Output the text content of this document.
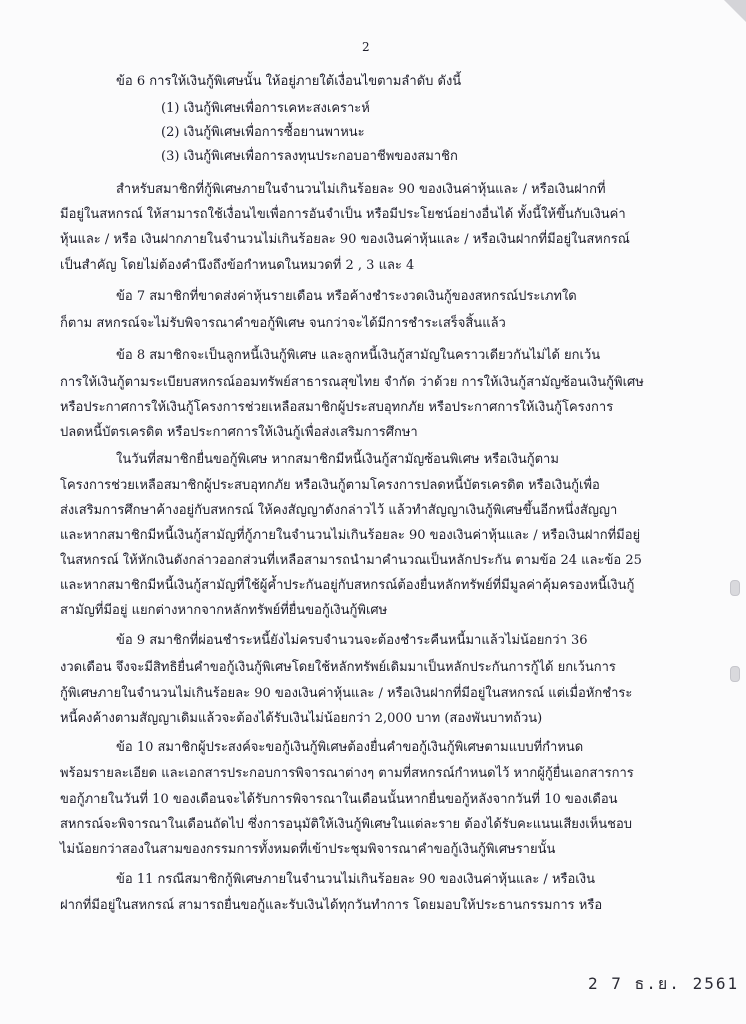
2
ข้อ 6 การให้เงินกู้พิเศษนั้น ให้อยู่ภายใต้เงื่อนไขตามลำดับ ดังนี้
(1) เงินกู้พิเศษเพื่อการเคหะสงเคราะห์
(2) เงินกู้พิเศษเพื่อการซื้อยานพาหนะ
(3) เงินกู้พิเศษเพื่อการลงทุนประกอบอาชีพของสมาชิก
สำหรับสมาชิกที่กู้พิเศษภายในจำนวนไม่เกินร้อยละ 90 ของเงินค่าหุ้นและ / หรือเงินฝากที่
มีอยู่ในสหกรณ์ ให้สามารถใช้เงื่อนไขเพื่อการอันจำเป็น หรือมีประโยชน์อย่างอื่นได้ ทั้งนี้ให้ขึ้นกับเงินค่า
หุ้นและ / หรือ เงินฝากภายในจำนวนไม่เกินร้อยละ 90 ของเงินค่าหุ้นและ / หรือเงินฝากที่มีอยู่ในสหกรณ์
เป็นสำคัญ โดยไม่ต้องคำนึงถึงข้อกำหนดในหมวดที่ 2 , 3 และ 4
ข้อ 7 สมาชิกที่ขาดส่งค่าหุ้นรายเดือน หรือค้างชำระงวดเงินกู้ของสหกรณ์ประเภทใด
ก็ตาม สหกรณ์จะไม่รับพิจารณาคำขอกู้พิเศษ จนกว่าจะได้มีการชำระเสร็จสิ้นแล้ว
ข้อ 8 สมาชิกจะเป็นลูกหนี้เงินกู้พิเศษ และลูกหนี้เงินกู้สามัญในคราวเดียวกันไม่ได้ ยกเว้น
การให้เงินกู้ตามระเบียบสหกรณ์ออมทรัพย์สาธารณสุขไทย จำกัด ว่าด้วย การให้เงินกู้สามัญซ้อนเงินกู้พิเศษ
หรือประกาศการให้เงินกู้โครงการช่วยเหลือสมาชิกผู้ประสบอุทกภัย หรือประกาศการให้เงินกู้โครงการ
ปลดหนี้บัตรเครดิต หรือประกาศการให้เงินกู้เพื่อส่งเสริมการศึกษา
ในวันที่สมาชิกยื่นขอกู้พิเศษ หากสมาชิกมีหนี้เงินกู้สามัญซ้อนพิเศษ หรือเงินกู้ตาม
โครงการช่วยเหลือสมาชิกผู้ประสบอุทกภัย หรือเงินกู้ตามโครงการปลดหนี้บัตรเครดิต หรือเงินกู้เพื่อ
ส่งเสริมการศึกษาค้างอยู่กับสหกรณ์ ให้คงสัญญาดังกล่าวไว้ แล้วทำสัญญาเงินกู้พิเศษขึ้นอีกหนึ่งสัญญา
และหากสมาชิกมีหนี้เงินกู้สามัญที่กู้ภายในจำนวนไม่เกินร้อยละ 90 ของเงินค่าหุ้นและ / หรือเงินฝากที่มีอยู่
ในสหกรณ์ ให้หักเงินดังกล่าวออกส่วนที่เหลือสามารถนำมาคำนวณเป็นหลักประกัน ตามข้อ 24 และข้อ 25
และหากสมาชิกมีหนี้เงินกู้สามัญที่ใช้ผู้ค้ำประกันอยู่กับสหกรณ์ต้องยื่นหลักทรัพย์ที่มีมูลค่าคุ้มครองหนี้เงินกู้
สามัญที่มีอยู่ แยกต่างหากจากหลักทรัพย์ที่ยื่นขอกู้เงินกู้พิเศษ
ข้อ 9 สมาชิกที่ผ่อนชำระหนี้ยังไม่ครบจำนวนจะต้องชำระคืนหนี้มาแล้วไม่น้อยกว่า 36
งวดเดือน จึงจะมีสิทธิยื่นคำขอกู้เงินกู้พิเศษโดยใช้หลักทรัพย์เดิมมาเป็นหลักประกันการกู้ได้ ยกเว้นการ
กู้พิเศษภายในจำนวนไม่เกินร้อยละ 90 ของเงินค่าหุ้นและ / หรือเงินฝากที่มีอยู่ในสหกรณ์ แต่เมื่อหักชำระ
หนี้คงค้างตามสัญญาเดิมแล้วจะต้องได้รับเงินไม่น้อยกว่า 2,000 บาท (สองพันบาทถ้วน)
ข้อ 10 สมาชิกผู้ประสงค์จะขอกู้เงินกู้พิเศษต้องยื่นคำขอกู้เงินกู้พิเศษตามแบบที่กำหนด
พร้อมรายละเอียด และเอกสารประกอบการพิจารณาต่างๆ ตามที่สหกรณ์กำหนดไว้ หากผู้กู้ยื่นเอกสารการ
ขอกู้ภายในวันที่ 10 ของเดือนจะได้รับการพิจารณาในเดือนนั้นหากยื่นขอกู้หลังจากวันที่ 10 ของเดือน
สหกรณ์จะพิจารณาในเดือนถัดไป ซึ่งการอนุมัติให้เงินกู้พิเศษในแต่ละราย ต้องได้รับคะแนนเสียงเห็นชอบ
ไม่น้อยกว่าสองในสามของกรรมการทั้งหมดที่เข้าประชุมพิจารณาคำขอกู้เงินกู้พิเศษรายนั้น
ข้อ 11 กรณีสมาชิกกู้พิเศษภายในจำนวนไม่เกินร้อยละ 90 ของเงินค่าหุ้นและ / หรือเงิน
ฝากที่มีอยู่ในสหกรณ์ สามารถยื่นขอกู้และรับเงินได้ทุกวันทำการ โดยมอบให้ประธานกรรมการ หรือ
2 7 ธ.ย. 2561
